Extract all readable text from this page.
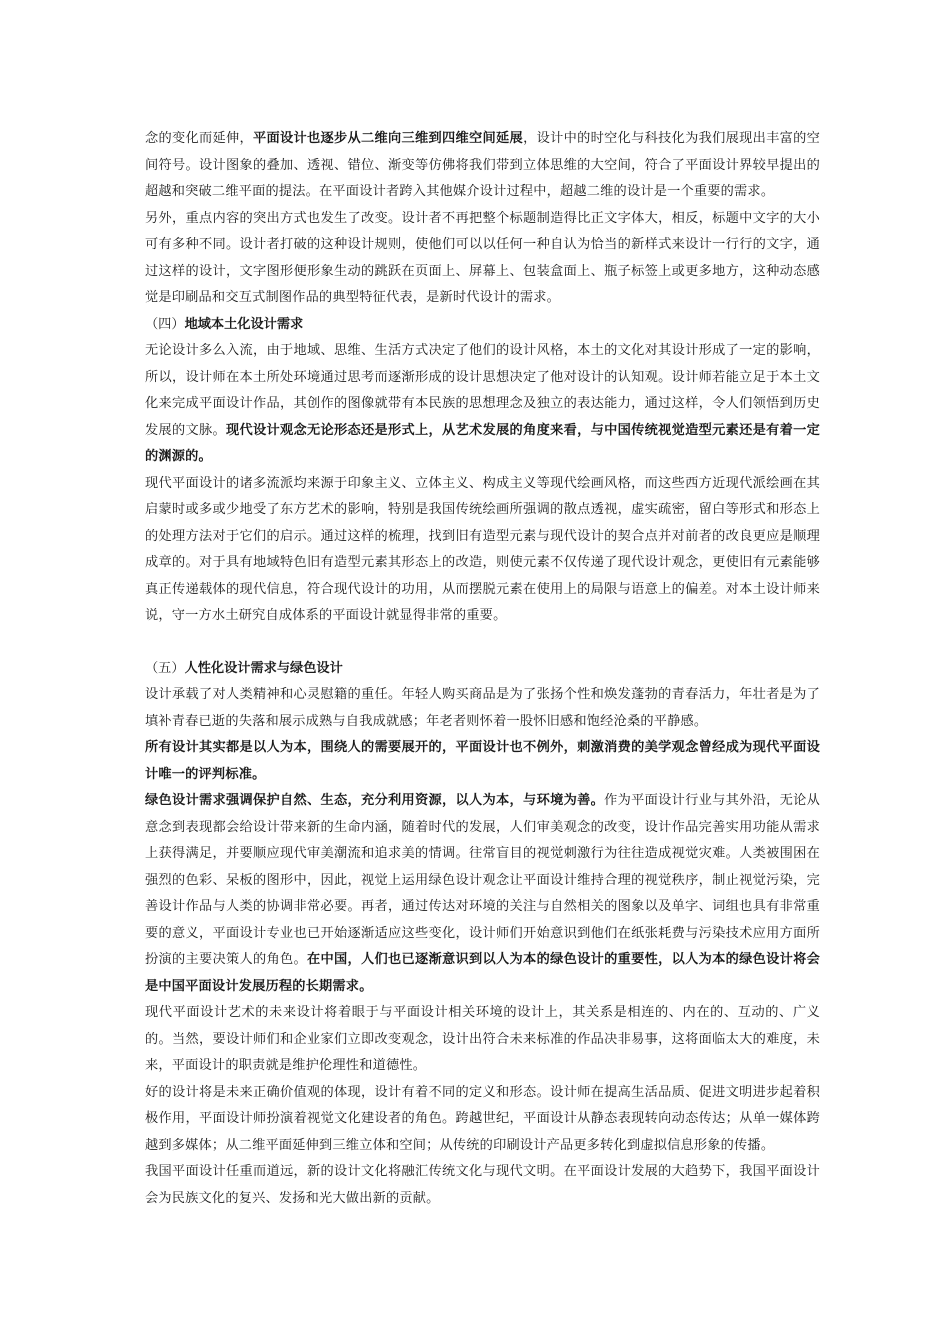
念的变化而延伸，平面设计也逐步从二维向三维到四维空间延展，设计中的时空化与科技化为我们展现出丰富的空间符号。设计图象的叠加、透视、错位、渐变等仿佛将我们带到立体思维的大空间，符合了平面设计界较早提出的超越和突破二维平面的提法。在平面设计者跨入其他媒介设计过程中，超越二维的设计是一个重要的需求。

另外，重点内容的突出方式也发生了改变。设计者不再把整个标题制造得比正文字体大，相反，标题中文字的大小可有多种不同。设计者打破的这种设计规则，使他们可以以任何一种自认为恰当的新样式来设计一行行的文字，通过这样的设计，文字图形便形象生动的跳跃在页面上、屏幕上、包装盒面上、瓶子标签上或更多地方，这种动态感觉是印刷品和交互式制图作品的典型特征代表，是新时代设计的需求。

（四）地域本土化设计需求

无论设计多么入流，由于地域、思维、生活方式决定了他们的设计风格，本土的文化对其设计形成了一定的影响，所以，设计师在本土所处环境通过思考而逐渐形成的设计思想决定了他对设计的认知观。设计师若能立足于本土文化来完成平面设计作品，其创作的图像就带有本民族的思想理念及独立的表达能力，通过这样，令人们领悟到历史发展的文脉。现代设计观念无论形态还是形式上，从艺术发展的角度来看，与中国传统视觉造型元素还是有着一定的渊源的。

现代平面设计的诸多流派均来源于印象主义、立体主义、构成主义等现代绘画风格，而这些西方近现代派绘画在其启蒙时或多或少地受了东方艺术的影响，特别是我国传统绘画所强调的散点透视，虚实疏密，留白等形式和形态上的处理方法对于它们的启示。通过这样的梳理，找到旧有造型元素与现代设计的契合点并对前者的改良更应是顺理成章的。对于具有地域特色旧有造型元素其形态上的改造，则使元素不仅传递了现代设计观念，更使旧有元素能够真正传递载体的现代信息，符合现代设计的功用，从而摆脱元素在使用上的局限与语意上的偏差。对本土设计师来说，守一方水土研究自成体系的平面设计就显得非常的重要。

（五）人性化设计需求与绿色设计

设计承载了对人类精神和心灵慰籍的重任。年轻人购买商品是为了张扬个性和焕发蓬勃的青春活力，年壮者是为了填补青春已逝的失落和展示成熟与自我成就感；年老者则怀着一股怀旧感和饱经沧桑的平静感。

所有设计其实都是以人为本，围绕人的需要展开的，平面设计也不例外，刺激消费的美学观念曾经成为现代平面设计唯一的评判标准。

绿色设计需求强调保护自然、生态，充分利用资源，以人为本，与环境为善。作为平面设计行业与其外沿，无论从意念到表现都会给设计带来新的生命内涵，随着时代的发展，人们审美观念的改变，设计作品完善实用功能从需求上获得满足，并要顺应现代审美潮流和追求美的情调。往常盲目的视觉刺激行为往往造成视觉灾难。人类被围困在强烈的色彩、呆板的图形中，因此，视觉上运用绿色设计观念让平面设计维持合理的视觉秩序，制止视觉污染，完善设计作品与人类的协调非常必要。再者，通过传达对环境的关注与自然相关的图象以及单字、词组也具有非常重要的意义，平面设计专业也已开始逐渐适应这些变化，设计师们开始意识到他们在纸张耗费与污染技术应用方面所扮演的主要决策人的角色。在中国，人们也已逐渐意识到以人为本的绿色设计的重要性，以人为本的绿色设计将会是中国平面设计发展历程的长期需求。

现代平面设计艺术的未来设计将着眼于与平面设计相关环境的设计上，其关系是相连的、内在的、互动的、广义的。当然，要设计师们和企业家们立即改变观念，设计出符合未来标准的作品决非易事，这将面临太大的难度，未来，平面设计的职责就是维护伦理性和道德性。

好的设计将是未来正确价值观的体现，设计有着不同的定义和形态。设计师在提高生活品质、促进文明进步起着积极作用，平面设计师扮演着视觉文化建设者的角色。跨越世纪，平面设计从静态表现转向动态传达；从单一媒体跨越到多媒体；从二维平面延伸到三维立体和空间；从传统的印刷设计产品更多转化到虚拟信息形象的传播。

我国平面设计任重而道远，新的设计文化将融汇传统文化与现代文明。在平面设计发展的大趋势下，我国平面设计会为民族文化的复兴、发扬和光大做出新的贡献。
